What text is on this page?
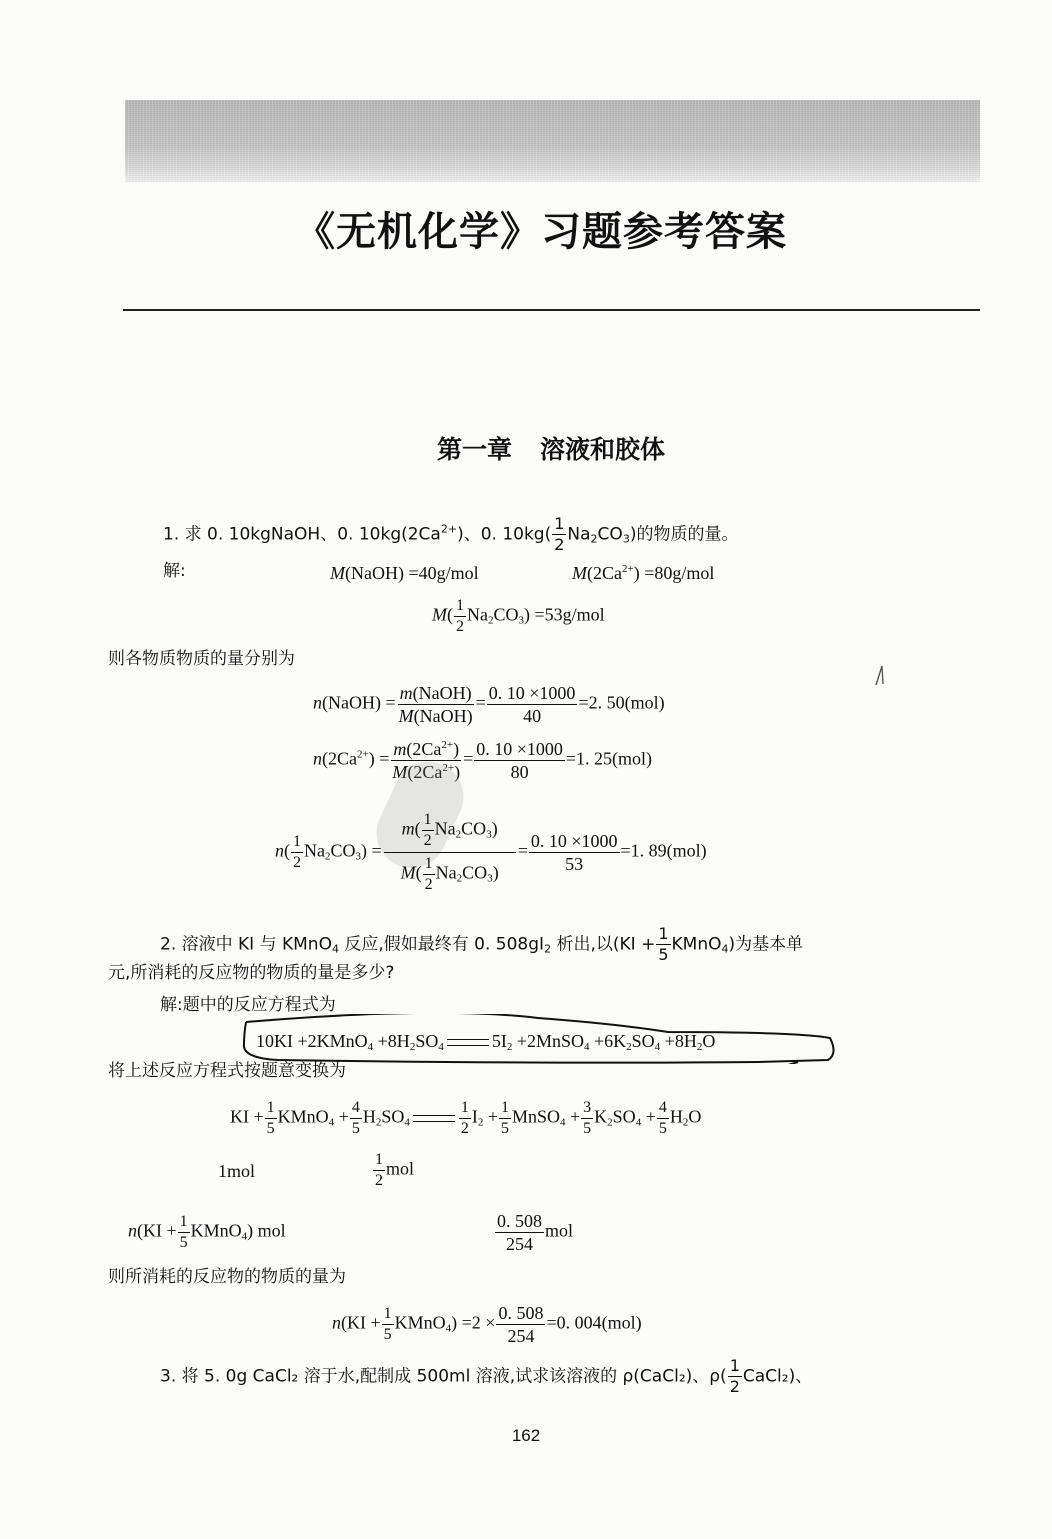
《无机化学》习题参考答案
第一章 溶液和胶体
1. 求 0. 10kgNaOH、0. $10kg(2Ca^{2+})$、0. $10kg( \frac{1}{2} Na_2CO_3)$的物质的量。
解:	M(NaOH) =40g/mol	$M(2Ca^{2+}) =80g/mol$
$M( \frac{1}{2} Na_2CO_3) =53g/mol$
则各物质物质的量分别为
n(NaOH) = $\frac{\text{m(NaOH)}}{\text{M(NaOH)}} = \frac{0. 10 \times 1000}{40} =2$. 50(mol)
$n(2Ca^{2+}) = \frac{m(2Ca^{2+})}{M(2Ca^{2+})} = \frac{0. 10 \times 1000}{80} =1$. 25(mol)
$n( \frac{1}{2} Na_2CO_3) = \frac{m( \frac{1}{2} Na_2CO_3)}{M( \frac{1}{2} Na_2CO_3)} = \frac{0. 10 \times 1000}{53} =1$. 89(mol)
2. 溶液中 KI 与 KMnO$_4$ 反应,假如最终有 0. $508gI_2$ 析出,以($KI + \frac{1}{5}$ KMnO$_4$)为基本单
元,所消耗的反应物的物质的量是多少?
解:题中的反应方程式为
10KI +2KMnO$_4$ $+8H_2SO_4$	$5I_2$ +2MnSO$_4$ $+6K_2SO_4 +8H_2O$
将上述反应方程式按题意变换为
KI + $\frac{1}{5}$ KMnO$_4$ + $\frac{4}{5} H_2SO_4$	$\frac{1}{2} I_2 + \frac{1}{5}$ MnSO$_4$ + $\frac{3}{5} K_2SO_4 + \frac{4}{5} H_2O$
1mol	$\frac{1}{2}$ mol
$n(KI + \frac{1}{5}$ KMnO$_4$) mol	$\frac{0. 508}{254}$ mol
则所消耗的反应物的物质的量为
$n(KI + \frac{1}{5}$ KMnO$_4$) $=2 \times \frac{0. 508}{254} =0$. 004(mol)
3. 将 5. 0g CaCl₂ 溶于水,配制成 500ml 溶液,试求该溶液的 ρ(CaCl₂)、$\rho( \frac{1}{2}$ CaCl₂)、
162
